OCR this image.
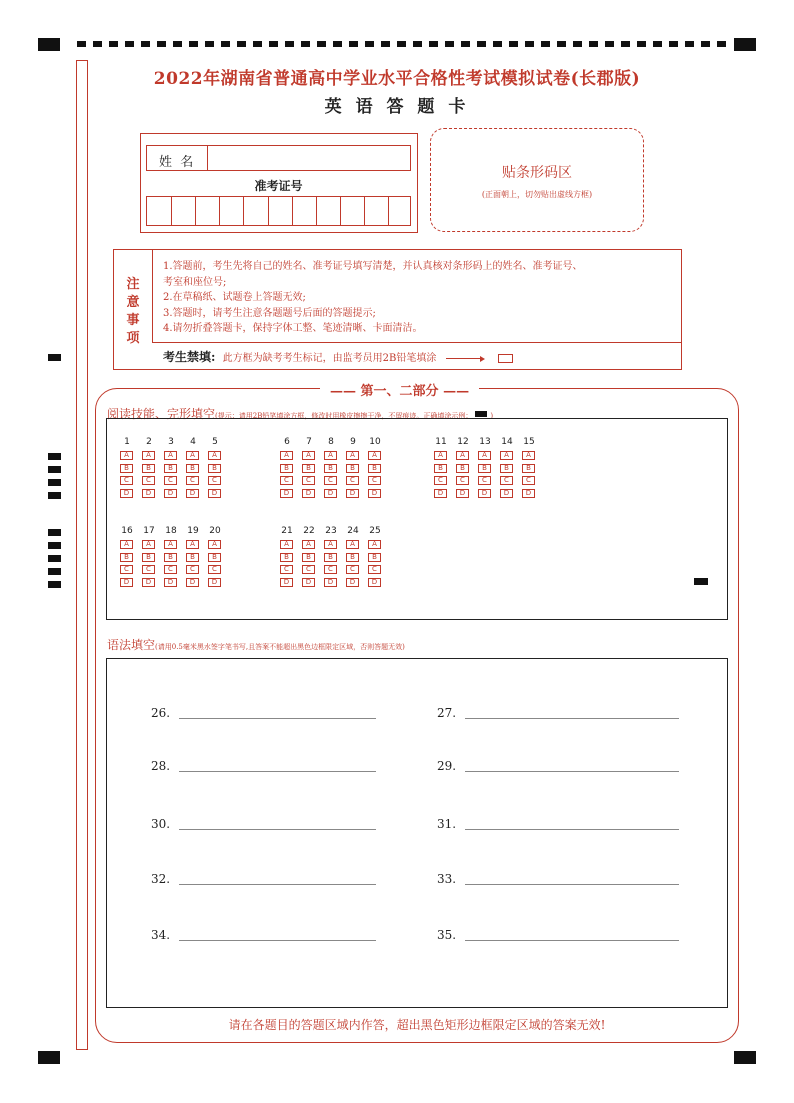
2022年湖南省普通高中学业水平合格性考试模拟试卷(长郡版)
英 语 答 题 卡
姓  名
准考证号
贴条形码区
(正面朝上，切勿贴出虚线方框)
注
意
事
项
1.答题前，考生先将自己的姓名、准考证号填写清楚，并认真核对条形码上的姓名、准考证号、
考室和座位号;
2.在草稿纸、试题卷上答题无效;
3.答题时，请考生注意各题题号后面的答题提示;
4.请勿折叠答题卡，保持字体工整、笔迹清晰、卡面清洁。
考生禁填: 此方框为缺考考生标记，由监考员用2B铅笔填涂
—— 第一、二部分 ——
阅读技能、完形填空(提示：请用2B铅笔填涂方框，修改时用橡皮擦擦干净，不留痕迹。正确填涂示例：	)
语法填空(请用0.5毫米黑水签字笔书写,且答案不能超出黑色边框限定区域，否则答题无效)
请在各题目的答题区域内作答，超出黑色矩形边框限定区域的答案无效!
1
A
B
C
D
2
A
B
C
D
3
A
B
C
D
4
A
B
C
D
5
A
B
C
D
6
A
B
C
D
7
A
B
C
D
8
A
B
C
D
9
A
B
C
D
10
A
B
C
D
11
A
B
C
D
12
A
B
C
D
13
A
B
C
D
14
A
B
C
D
15
A
B
C
D
16
A
B
C
D
17
A
B
C
D
18
A
B
C
D
19
A
B
C
D
20
A
B
C
D
21
A
B
C
D
22
A
B
C
D
23
A
B
C
D
24
A
B
C
D
25
A
B
C
D
26.	27.
28.	29.
30.	31.
32.	33.
34.	35.
